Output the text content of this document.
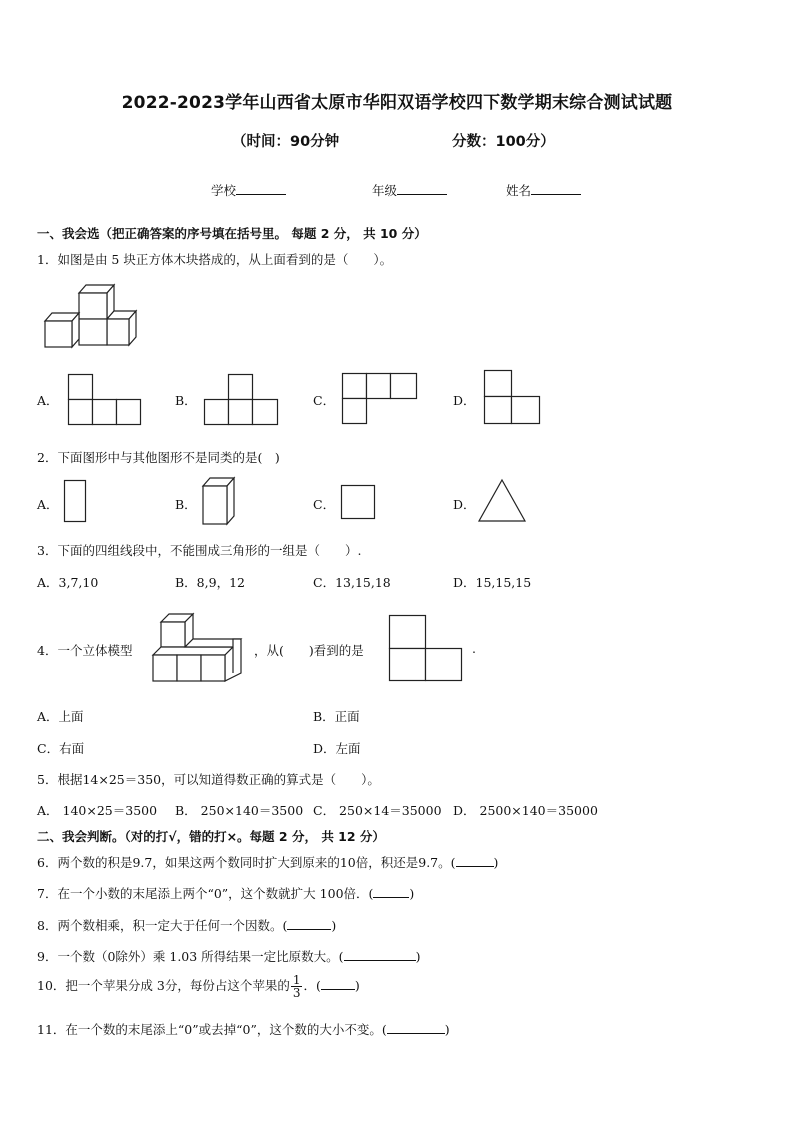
2022-2023学年山西省太原市华阳双语学校四下数学期末综合测试试题
（时间：90分钟	分数：100分）
学校	年级	姓名
一、我会选（把正确答案的序号填在括号里。 每题 2 分， 共 10 分）
1．如图是由 5 块正方体木块搭成的，从上面看到的是（　　）。
A．	B．	C．	D．
2．下面图形中与其他图形不是同类的是(　)
A．	B．	C．	D．
3．下面的四组线段中，不能围成三角形的一组是（　　）.
A．3,7,10	B．8,9，12	C．13,15,18	D．15,15,15
4．一个立体模型	，从(　　)看到的是	.
A．上面	B．正面
C．右面	D．左面
5．根据14×25＝350，可以知道得数正确的算式是（　　）。
A． 140×25＝3500 B． 250×140＝3500 C． 250×14＝35000 D． 2500×140＝35000
二、我会判断。（对的打√，错的打×。每题 2 分， 共 12 分）
6．两个数的积是9.7，如果这两个数同时扩大到原来的10倍，积还是9.7。(	)
7．在一个小数的末尾添上两个“0”，这个数就扩大 100倍．(	)
8．两个数相乘，积一定大于任何一个因数。(	)
9．一个数（0除外）乘 1.03 所得结果一定比原数大。(	)
10．把一个苹果分成 3分，每份占这个苹果的 $\frac{1}{3}$ ．(	)
11．在一个数的末尾添上“0”或去掉“0”，这个数的大小不变。(	)
